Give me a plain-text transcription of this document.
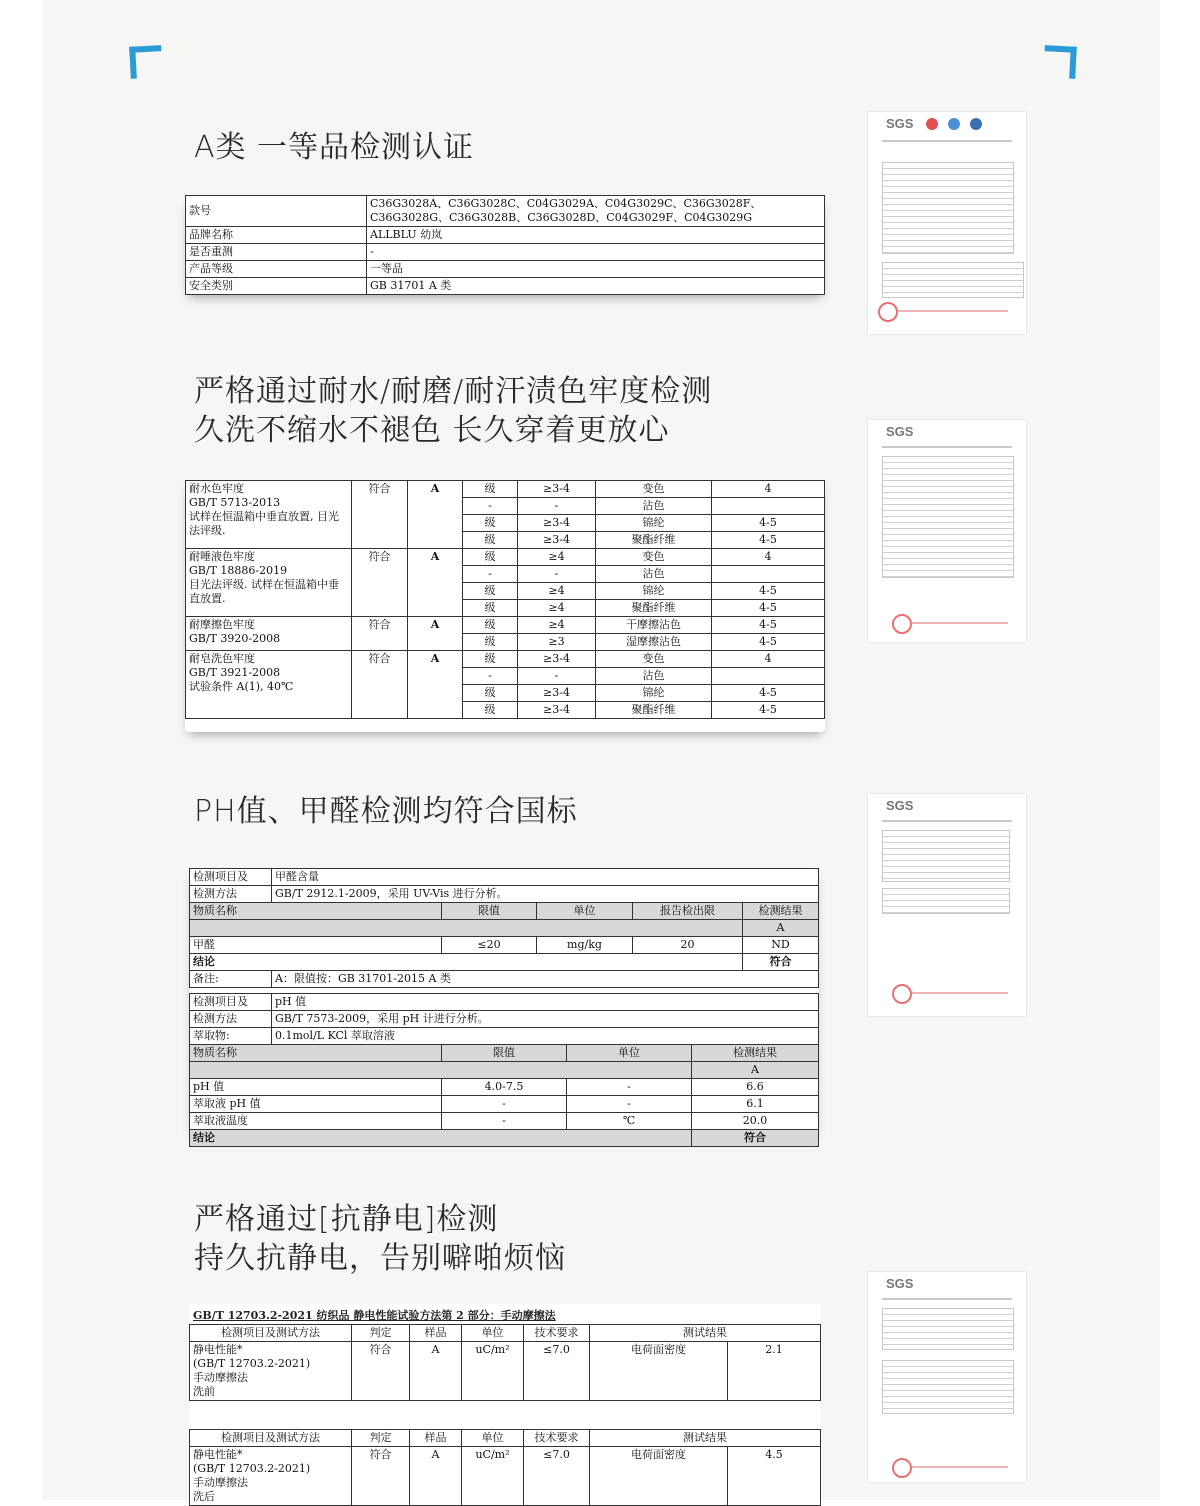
A类 一等品检测认证
款号	C36G3028A、C36G3028C、C04G3029A、C04G3029C、C36G3028F、C36G3028G、C36G3028B、C36G3028D、C04G3029F、C04G3029G
品牌名称	ALLBLU 幼岚
是否重测	-
产品等级	一等品
安全类别	GB 31701 A 类
严格通过耐水/耐磨/耐汗渍色牢度检测
久洗不缩水不褪色 长久穿着更放心
耐水色牢度
GB/T 5713-2013
试样在恒温箱中垂直放置, 目光法评级.	符合	A	级	≥3-4	变色	4
			-	-	沾色	
			级	≥3-4	锦纶	4-5
			级	≥3-4	聚酯纤维	4-5

耐唾液色牢度
GB/T 18886-2019
目光法评级. 试样在恒温箱中垂直放置.	符合	A	级	≥4	变色	4
			-	-	沾色	
			级	≥4	锦纶	4-5
			级	≥4	聚酯纤维	4-5

耐摩擦色牢度
GB/T 3920-2008	符合	A	级	≥4	干摩擦沾色	4-5
			级	≥3	湿摩擦沾色	4-5

耐皂洗色牢度
GB/T 3921-2008
试验条件 A(1), 40℃	符合	A	级	≥3-4	变色	4
			-	-	沾色	
			级	≥3-4	锦纶	4-5
			级	≥3-4	聚酯纤维	4-5
PH值、甲醛检测均符合国标
检测项目及	甲醛含量				
检测方法	GB/T 2912.1-2009，采用 UV-Vis 进行分析。				
物质名称		限值	单位	报告检出限	检测结果
					A
甲醛		≤20	mg/kg	20	ND
结论					符合
备注:	A：限值按：GB 31701-2015 A 类				
检测项目及	pH 值			
检测方法	GB/T 7573-2009，采用 pH 计进行分析。			
萃取物:	0.1mol/L KCl 萃取溶液			
物质名称		限值	单位	检测结果
				A
pH 值		4.0-7.5	-	6.6
萃取液 pH 值		-	-	6.1
萃取液温度		-	℃	20.0
结论				符合
严格通过[抗静电]检测
持久抗静电，告别噼啪烦恼
GB/T 12703.2-2021 纺织品 静电性能试验方法第 2 部分：手动摩擦法
检测项目及测试方法	判定	样品	单位	技术要求	测试结果	

静电性能*
(GB/T 12703.2-2021)
手动摩擦法
洗前	符合	A	uC/m²	≤7.0	电荷面密度	2.1
检测项目及测试方法	判定	样品	单位	技术要求	测试结果	

静电性能*
(GB/T 12703.2-2021)
手动摩擦法
洗后	符合	A	uC/m²	≤7.0	电荷面密度	4.5
SGS
SGS
SGS
SGS
